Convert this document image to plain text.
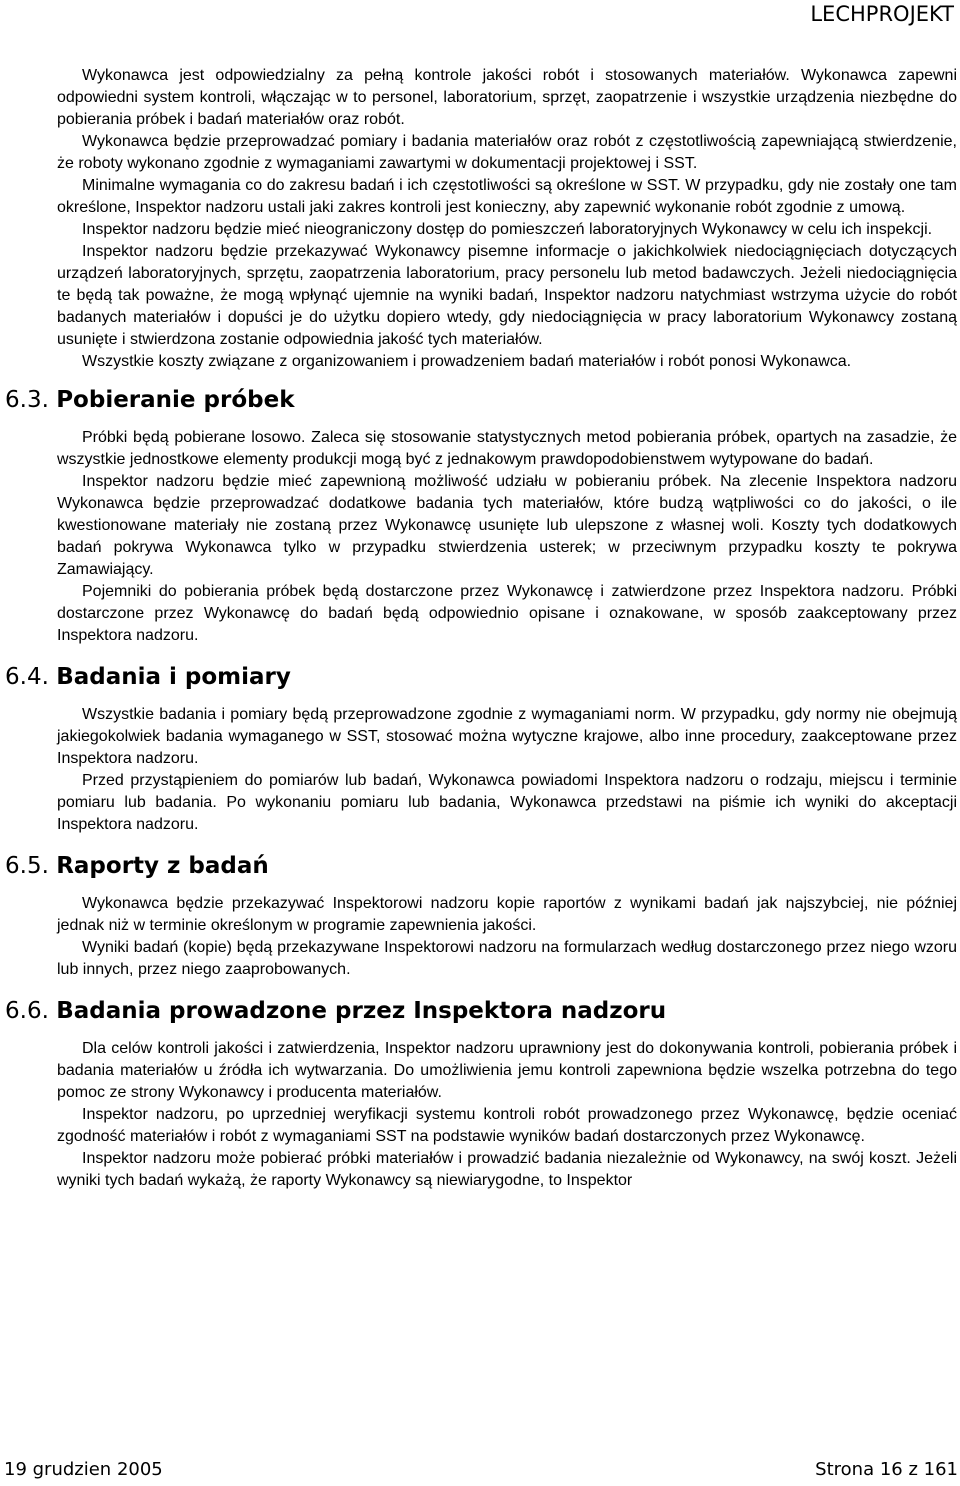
LECHPROJEKT

Wykonawca jest odpowiedzialny za pełną kontrole jakości robót i stosowanych materiałów. Wykonawca zapewni odpowiedni system kontroli, włączając w to personel, laboratorium, sprzęt, zaopatrzenie i wszystkie urządzenia niezbędne do pobierania próbek i badań materiałów oraz robót.

Wykonawca będzie przeprowadzać pomiary i badania materiałów oraz robót z częstotliwością zapewniającą stwierdzenie, że roboty wykonano zgodnie z wymaganiami zawartymi w dokumentacji projektowej i SST.

Minimalne wymagania co do zakresu badań i ich częstotliwości są określone w SST. W przypadku, gdy nie zostały one tam określone, Inspektor nadzoru ustali jaki zakres kontroli jest konieczny, aby zapewnić wykonanie robót zgodnie z umową.

Inspektor nadzoru będzie mieć nieograniczony dostęp do pomieszczeń laboratoryjnych Wykonawcy w celu ich inspekcji.

Inspektor nadzoru będzie przekazywać Wykonawcy pisemne informacje o jakichkolwiek niedociągnięciach dotyczących urządzeń laboratoryjnych, sprzętu, zaopatrzenia laboratorium, pracy personelu lub metod badawczych. Jeżeli niedociągnięcia te będą tak poważne, że mogą wpłynąć ujemnie na wyniki badań, Inspektor nadzoru natychmiast wstrzyma użycie do robót badanych materiałów i dopuści je do użytku dopiero wtedy, gdy niedociągnięcia w pracy laboratorium Wykonawcy zostaną usunięte i stwierdzona zostanie odpowiednia jakość tych materiałów.

Wszystkie koszty związane z organizowaniem i prowadzeniem badań materiałów i robót ponosi Wykonawca.

6.3. Pobieranie próbek

Próbki będą pobierane losowo. Zaleca się stosowanie statystycznych metod pobierania próbek, opartych na zasadzie, że wszystkie jednostkowe elementy produkcji mogą być z jednakowym prawdopodobienstwem wytypowane do badań.

Inspektor nadzoru będzie mieć zapewnioną możliwość udziału w pobieraniu próbek. Na zlecenie Inspektora nadzoru Wykonawca będzie przeprowadzać dodatkowe badania tych materiałów, które budzą wątpliwości co do jakości, o ile kwestionowane materiały nie zostaną przez Wykonawcę usunięte lub ulepszone z własnej woli. Koszty tych dodatkowych badań pokrywa Wykonawca tylko w przypadku stwierdzenia usterek; w przeciwnym przypadku koszty te pokrywa Zamawiający.

Pojemniki do pobierania próbek będą dostarczone przez Wykonawcę i zatwierdzone przez Inspektora nadzoru. Próbki dostarczone przez Wykonawcę do badań będą odpowiednio opisane i oznakowane, w sposób zaakceptowany przez Inspektora nadzoru.

6.4. Badania i pomiary

Wszystkie badania i pomiary będą przeprowadzone zgodnie z wymaganiami norm. W przypadku, gdy normy nie obejmują jakiegokolwiek badania wymaganego w SST, stosować można wytyczne krajowe, albo inne procedury, zaakceptowane przez Inspektora nadzoru.

Przed przystąpieniem do pomiarów lub badań, Wykonawca powiadomi Inspektora nadzoru o rodzaju, miejscu i terminie pomiaru lub badania. Po wykonaniu pomiaru lub badania, Wykonawca przedstawi na piśmie ich wyniki do akceptacji Inspektora nadzoru.

6.5. Raporty z badań

Wykonawca będzie przekazywać Inspektorowi nadzoru kopie raportów z wynikami badań jak najszybciej, nie później jednak niż w terminie określonym w programie zapewnienia jakości.

Wyniki badań (kopie) będą przekazywane Inspektorowi nadzoru na formularzach według dostarczonego przez niego wzoru lub innych, przez niego zaaprobowanych.

6.6. Badania prowadzone przez Inspektora nadzoru

Dla celów kontroli jakości i zatwierdzenia, Inspektor nadzoru uprawniony jest do dokonywania kontroli, pobierania próbek i badania materiałów u źródła ich wytwarzania. Do umożliwienia jemu kontroli zapewniona będzie wszelka potrzebna do tego pomoc ze strony Wykonawcy i producenta materiałów.

Inspektor nadzoru, po uprzedniej weryfikacji systemu kontroli robót prowadzonego przez Wykonawcę, będzie oceniać zgodność materiałów i robót z wymaganiami SST na podstawie wyników badań dostarczonych przez Wykonawcę.

Inspektor nadzoru może pobierać próbki materiałów i prowadzić badania niezależnie od Wykonawcy, na swój koszt. Jeżeli wyniki tych badań wykażą, że raporty Wykonawcy są niewiarygodne, to Inspektor

19 grudzien 2005	Strona 16 z 161
